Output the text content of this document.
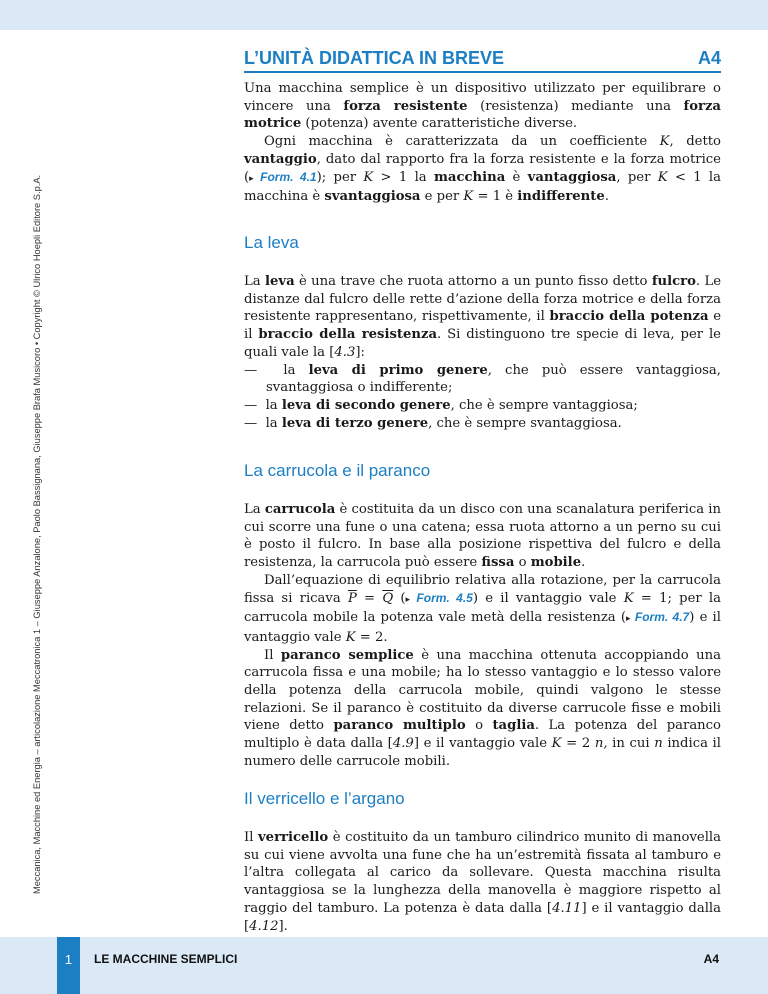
Meccanica, Macchine ed Energia – articolazione Meccatronica 1 – Giuseppe Anzalone, Paolo Bassignana, Giuseppe Brafa Musicoro • Copyright © Ulrico Hoepli Editore S.p.A.
L’UNITÀ DIDATTICA IN BREVE	A4

Una macchina semplice è un dispositivo utilizzato per equilibrare o vincere una forza resistente (resistenza) mediante una forza motrice (potenza) avente caratteristiche diverse.

Ogni macchina è caratterizzata da un coefficiente K, detto vantaggio, dato dal rapporto fra la forza resistente e la forza motrice (▸ Form. 4.1); per K > 1 la macchina è vantaggiosa, per K < 1 la macchina è svantaggiosa e per K = 1 è indifferente.

La leva

La leva è una trave che ruota attorno a un punto fisso detto fulcro. Le distanze dal fulcro delle rette d’azione della forza motrice e della forza resistente rappresentano, rispettivamente, il braccio della potenza e il braccio della resistenza. Si distinguono tre specie di leva, per le quali vale la [4.3]:

— la leva di primo genere, che può essere vantaggiosa, svantaggiosa o indifferente;
— la leva di secondo genere, che è sempre vantaggiosa;
— la leva di terzo genere, che è sempre svantaggiosa.
La carrucola e il paranco

La carrucola è costituita da un disco con una scanalatura periferica in cui scorre una fune o una catena; essa ruota attorno a un perno su cui è posto il fulcro. In base alla posizione rispettiva del fulcro e della resistenza, la carrucola può essere fissa o mobile.

Dall’equazione di equilibrio relativa alla rotazione, per la carrucola fissa si ricava $\overline{P} = \overline{Q}$ (▸ Form. 4.5) e il vantaggio vale K = 1; per la carrucola mobile la potenza vale metà della resistenza (▸ Form. 4.7) e il vantaggio vale K = 2.

Il paranco semplice è una macchina ottenuta accoppiando una carrucola fissa e una mobile; ha lo stesso vantaggio e lo stesso valore della potenza della carrucola mobile, quindi valgono le stesse relazioni. Se il paranco è costituito da diverse carrucole fisse e mobili viene detto paranco multiplo o taglia. La potenza del paranco multiplo è data dalla [4.9] e il vantaggio vale K = 2 n, in cui n indica il numero delle carrucole mobili.

Il verricello e l’argano

Il verricello è costituito da un tamburo cilindrico munito di manovella su cui viene avvolta una fune che ha un’estremità fissata al tamburo e l’altra collegata al carico da sollevare. Questa macchina risulta vantaggiosa se la lunghezza della manovella è maggiore rispetto al raggio del tamburo. La potenza è data dalla [4.11] e il vantaggio dalla [4.12].

1	LE MACCHINE SEMPLICI	A4
